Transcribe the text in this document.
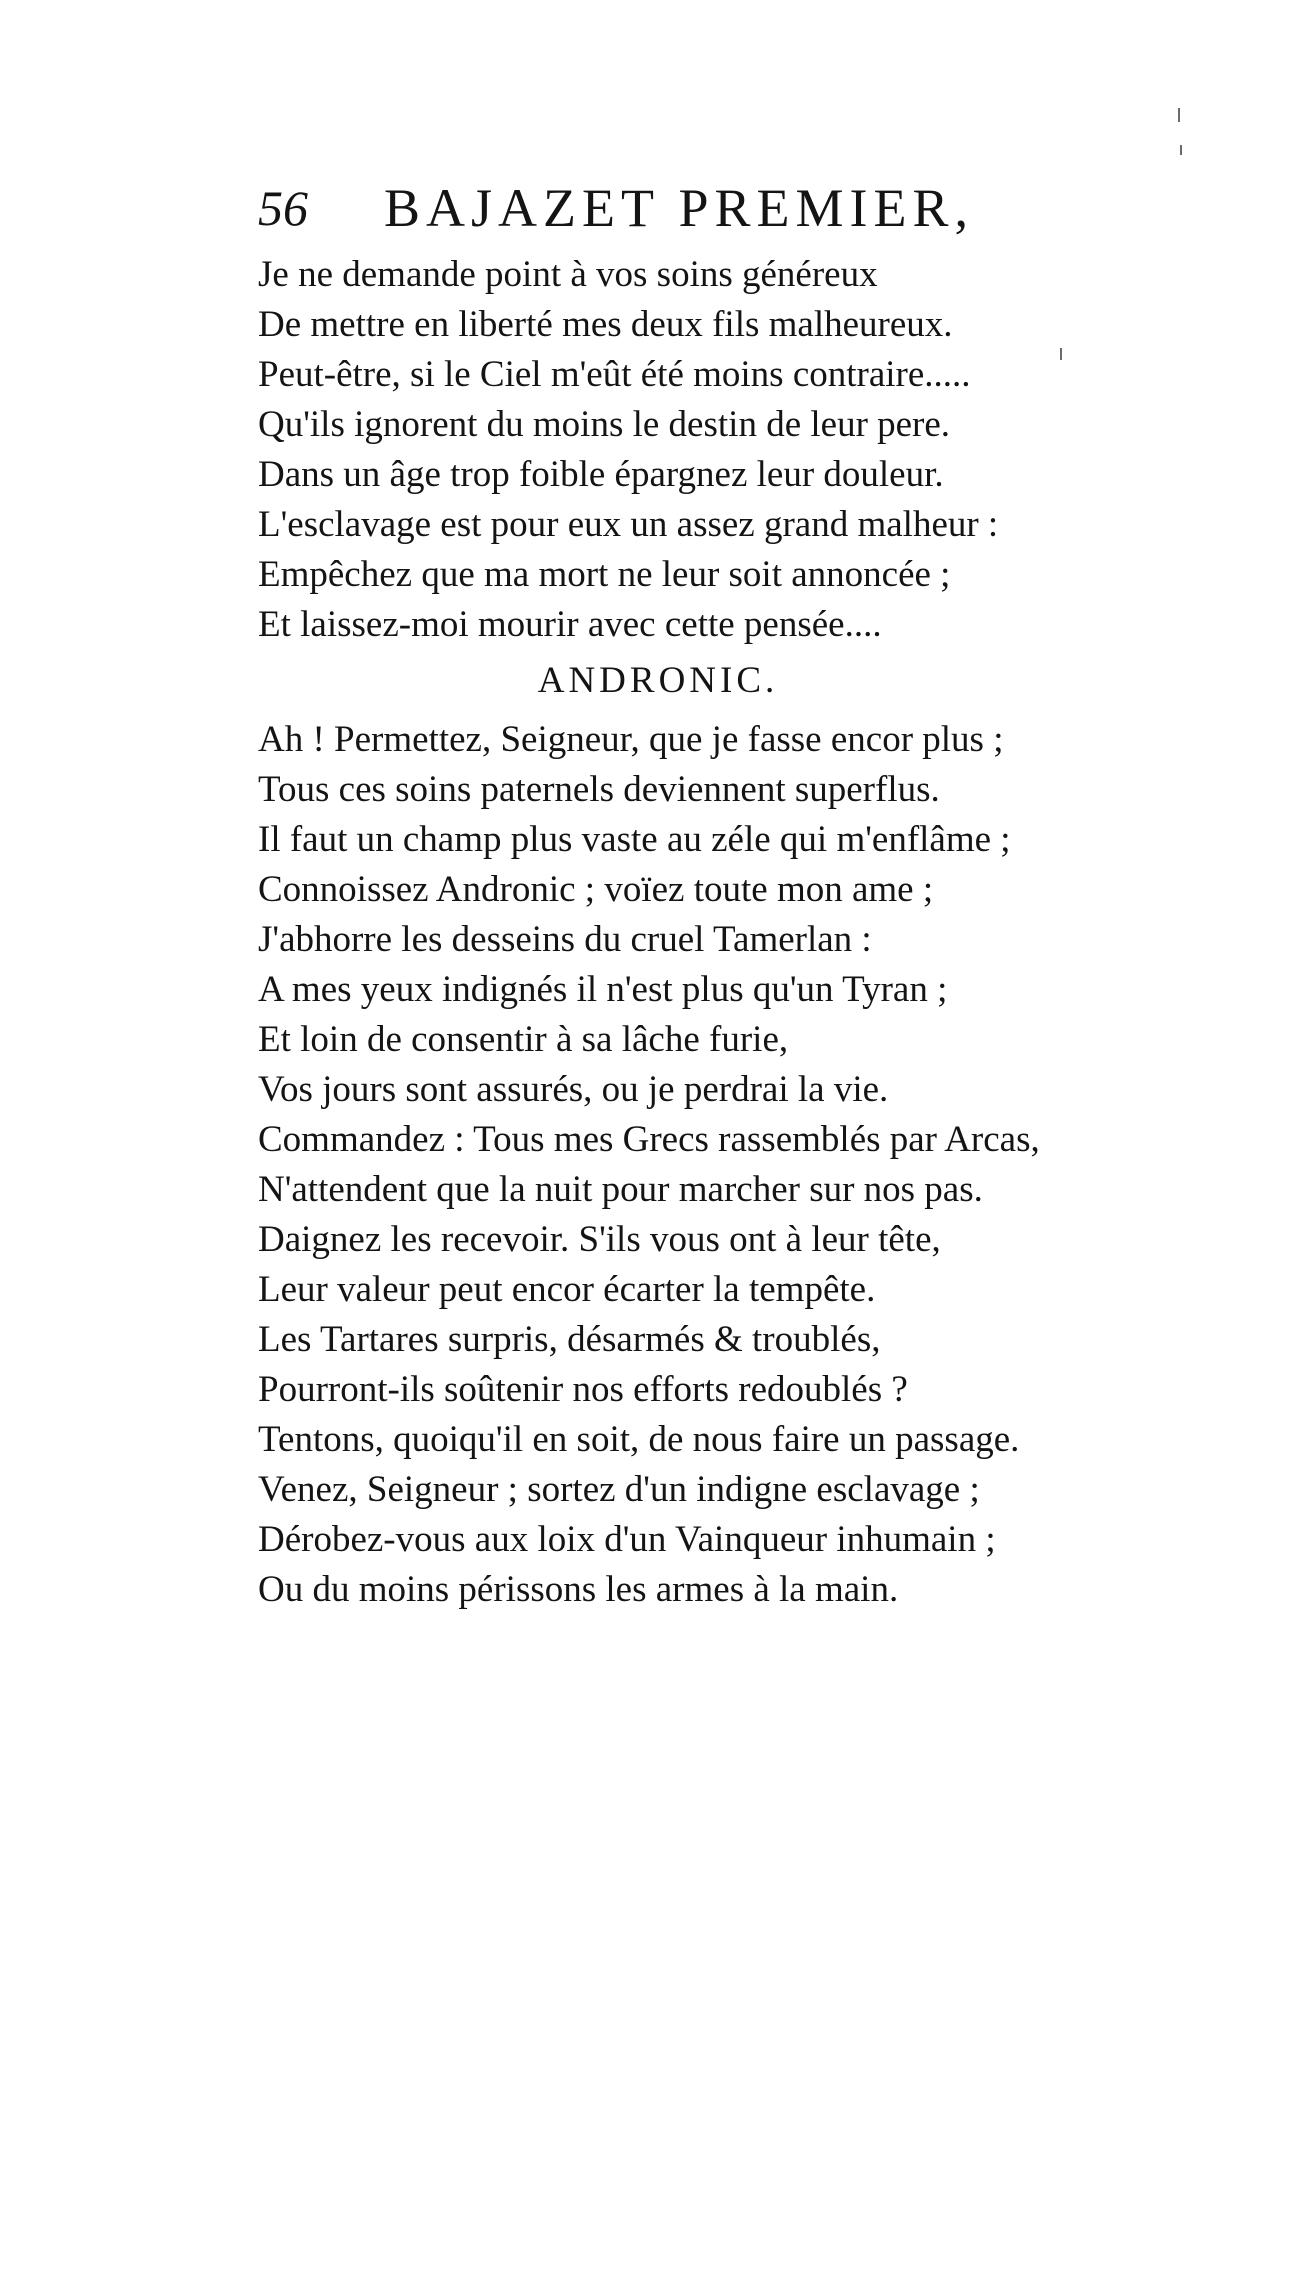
56 BAJAZET PREMIER,
Je ne demande point à vos soins généreux
De mettre en liberté mes deux fils malheureux.
Peut-être, si le Ciel m'eût été moins contraire.....
Qu'ils ignorent du moins le destin de leur pere.
Dans un âge trop foible épargnez leur douleur.
L'esclavage est pour eux un assez grand malheur :
Empêchez que ma mort ne leur soit annoncée ;
Et laissez-moi mourir avec cette pensée....
ANDRONIC.
Ah ! Permettez, Seigneur, que je fasse encor plus ;
Tous ces soins paternels deviennent superflus.
Il faut un champ plus vaste au zéle qui m'enflâme ;
Connoissez Andronic ; voïez toute mon ame ;
J'abhorre les desseins du cruel Tamerlan :
A mes yeux indignés il n'est plus qu'un Tyran ;
Et loin de consentir à sa lâche furie,
Vos jours sont assurés, ou je perdrai la vie.
Commandez : Tous mes Grecs rassemblés par Arcas,
N'attendent que la nuit pour marcher sur nos pas.
Daignez les recevoir. S'ils vous ont à leur tête,
Leur valeur peut encor écarter la tempête.
Les Tartares surpris, désarmés & troublés,
Pourront-ils soûtenir nos efforts redoublés ?
Tentons, quoiqu'il en soit, de nous faire un passage.
Venez, Seigneur ; sortez d'un indigne esclavage ;
Dérobez-vous aux loix d'un Vainqueur inhumain ;
Ou du moins périssons les armes à la main.
